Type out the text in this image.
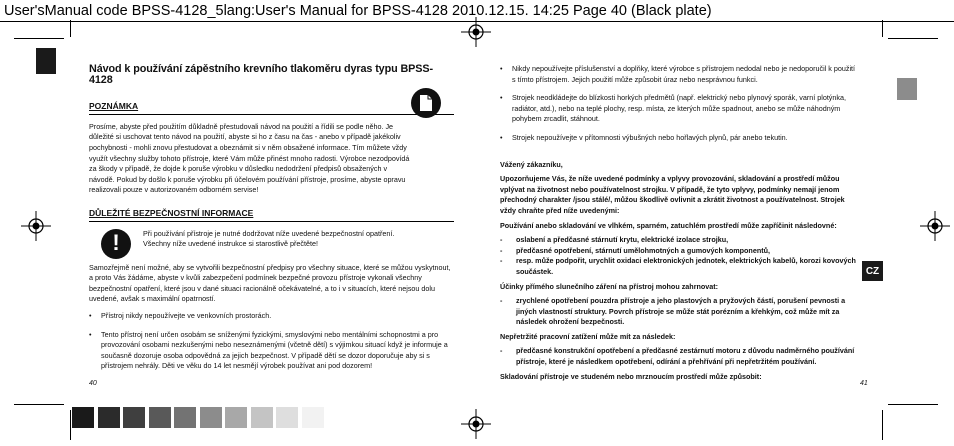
User'sManual code BPSS-4128_5lang:User's Manual for BPSS-4128 2010.12.15. 14:25 Page 40 (Black plate)
Návod k používání zápěstního krevního tlakoměru dyras typu BPSS-4128
POZNÁMKA

Prosíme, abyste před použitím důkladně přestudovali návod na použití a řídili se podle něho. Je důležité si uschovat tento návod na použití, abyste si ho z času na čas - anebo v případě jakékoliv pochybnosti - mohli znovu přestudovat a obeznámit si v něm obsažené informace. Tím můžete vždy využít všechny služby tohoto přístroje, které Vám může přinést mnoho radosti. Výrobce nezodpovídá za škody v případě, že dojde k poruše výrobku v důsledku nedodržení předpisů obsažených v návodě. Pokud by došlo k poruše výrobku při účelovém používání přístroje, prosíme, abyste opravu realizovali pouze v autorizovaném odborném servise!

DŮLEŽITÉ BEZPEČNOSTNÍ INFORMACE
!	Při používání přístroje je nutné dodržovat níže uvedené bezpečnostní opatření.
Všechny níže uvedené instrukce si starostlivě přečtěte!

Samozřejmě není možné, aby se vytvořili bezpečnostní předpisy pro všechny situace, které se můžou vyskytnout, a proto Vás žádáme, abyste v kvůli zabezpečení podmínek bezpečné provozu přístroje vykonali všechny bezpečnostní opatření, které jsou v dané situaci racionálně očekávatelné, a to i v situacích, které nejsou dolu uvedené, avšak s maximální opatrností.

• Přístroj nikdy nepoužívejte ve venkovních prostorách.
• Tento přístroj není určen osobám se sníženými fyzickými, smyslovými nebo mentálními schopnostmi a pro provozování osobami nezkušenými nebo neseznámenými (včetně dětí) s výjimkou situací když je informuje a současně dozoruje osoba odpovědná za jejich bezpečnost. V případě dětí se dozor doporučuje aby si s přístrojem nehrály. Děti ve věku do 14 let nesmějí výrobek používat ani pod dozorem!
40
• Nikdy nepoužívejte příslušenství a doplňky, které výrobce s přístrojem nedodal nebo je nedoporučil k použití s tímto přístrojem. Jejich použití může způsobit úraz nebo nesprávnou funkci.
• Strojek neodkládejte do blízkosti horkých předmětů (např. elektrický nebo plynový sporák, varní plotýnka, radiátor, atd.), nebo na teplé plochy, resp. místa, ze kterých může spadnout, anebo se může náhodným pohybem zrcadlit, stáhnout.
• Strojek nepoužívejte v přítomnosti výbušných nebo hořlavých plynů, pár anebo tekutin.

Vážený zákazníku,

Upozorňujeme Vás, že níže uvedené podmínky a vplyvy provozování, skladování a prostředí můžou vplývat na životnost nebo používatelnost strojku. V případě, že tyto vplyvy, podmínky nemají jenom přechodný charakter /jsou stálé/, můžou škodlivě ovlivnit a zkrátit životnost a používatelnost. Strojek vždy chraňte před níže uvedenými:

Používání anebo skladování ve vlhkém, sparném, zatuchlém prostředí může zapříčinit následovné:

- oslabení a předčasné stárnutí krytu, elektrické izolace strojku,
- předčasné opotřebení, stárnutí umělohmotných a gumových komponentů,
- resp. může podpořit, urychlit oxidaci elektronických jednotek, elektrických kabelů, korozi kovových součástek.

Účinky přímého slunečního záření na přístroj mohou zahrnovat:

- zrychlené opotřebení pouzdra přístroje a jeho plastových a pryžových částí, porušení pevnosti a jiných vlastností struktury. Povrch přístroje se může stát porézním a křehkým, což může mít za následek ohrožení bezpečnosti.

Nepřetržité pracovní zatížení může mít za následek:

- předčasné konstrukční opotřebení a předčasné zestárnutí motoru z důvodu nadměrného používání přístroje, které je následkem opotřebení, odírání a přehřívání při nepřetržitém používání.

Skladování přístroje ve studeném nebo mrznoucím prostředí může způsobit:

41
CZ
